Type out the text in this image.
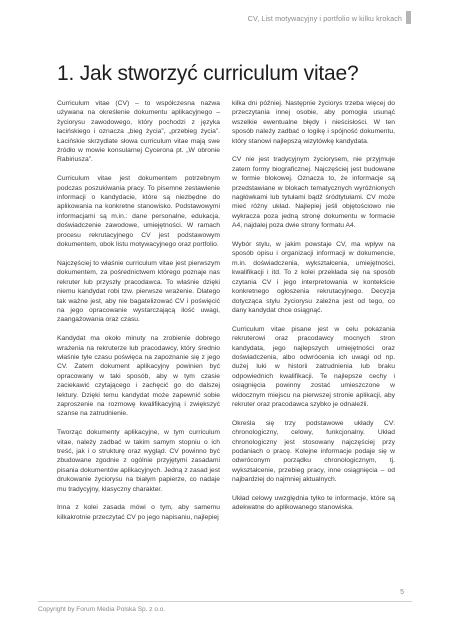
CV, List motywacyjny i portfolio w kilku krokach
1. Jak stworzyć curriculum vitae?

Curriculum vitae (CV) – to współczesna nazwa używana na określenie dokumentu aplikacyjnego – życiorysu zawodowego, który pochodzi z języka łacińskiego i oznacza „bieg życia”, „przebieg życia”. Łacińskie skrzydlate słowa curriculum vitae mają swe źródło w mowie konsularnej Cycerona pt. „W obronie Rabiriusza”.

Curriculum vitae jest dokumentem potrzebnym podczas poszukiwania pracy. To pisemne zestawienie informacji o kandydacie, które są niezbędne do aplikowania na konkretne stanowisko. Podstawowymi informacjami są m.in.: dane personalne, edukacja, doświadczenie zawodowe, umiejętności. W ramach procesu rekrutacyjnego CV jest podstawowym dokumentem, obok listu motywacyjnego oraz portfolio.

Najczęściej to właśnie curriculum vitae jest pierwszym dokumentem, za pośrednictwem którego poznaje nas rekruter lub przyszły pracodawca. To właśnie dzięki niemu kandydat robi tzw. pierwsze wrażenie. Dlatego tak ważne jest, aby nie bagatelizować CV i poświęcić na jego opracowanie wystarczającą ilość uwagi, zaangażowania oraz czasu.

Kandydat ma około minuty na zrobienie dobrego wrażenia na rekruterze lub pracodawcy, który średnio właśnie tyle czasu poświęca na zapoznanie się z jego CV. Zatem dokument aplikacyjny powinien być opracowany w taki sposób, aby w tym czasie zaciekawić czytającego i zachęcić go do dalszej lektury. Dzięki temu kandydat może zapewnić sobie zaproszenie na rozmowę kwalifikacyjną i zwiększyć szanse na zatrudnienie.

Tworząc dokumenty aplikacyjne, w tym curriculum vitae, należy zadbać w takim samym stopniu o ich treść, jak i o strukturę oraz wygląd. CV powinno być zbudowane zgodnie z ogólnie przyjętymi zasadami pisania dokumentów aplikacyjnych. Jedną z zasad jest drukowanie życiorysu na białym papierze, co nadaje mu tradycyjny, klasyczny charakter.

Inna z kolei zasada mówi o tym, aby samemu kilkakrotnie przeczytać CV po jego napisaniu, najlepiej

kilka dni później. Następnie życiorys trzeba więcej do przeczytania innej osobie, aby pomogła usunąć wszelkie ewentualne błędy i nieścisłości. W ten sposób należy zadbać o logikę i spójność dokumentu, który stanowi najlepszą wizytówkę kandydata.

CV nie jest tradycyjnym życiorysem, nie przyjmuje zatem formy biograficznej. Najczęściej jest budowane w formie blokowej. Oznacza to, że informacje są przedstawiane w blokach tematycznych wyróżnionych nagłówkami lub tytułami bądź śródtytułami. CV może mieć różny układ. Najlepiej jeśli objętościowo nie wykracza poza jedną stronę dokumentu w formacie A4, najdalej poza dwie strony formatu A4.

Wybór stylu, w jakim powstaje CV, ma wpływ na sposób opisu i organizacji informacji w dokumencie, m.in. doświadczenia, wykształcenia, umiejętności, kwalifikacji i itd. To z kolei przekłada się na sposób czytania CV i jego interpretowania w kontekście konkretnego ogłoszenia rekrutacyjnego. Decyzja dotycząca stylu życiorysu zależna jest od tego, co dany kandydat chce osiągnąć.

Curriculum vitae pisane jest w celu pokazania rekruterowi oraz pracodawcy mocnych stron kandydata, jego najlepszych umiejętności oraz doświadczenia, albo odwrócenia ich uwagi od np. dużej luki w historii zatrudnienia lub braku odpowiednich kwalifikacji. Te najlepsze cechy i osiągnięcia powinny zostać umieszczone w widocznym miejscu na pierwszej stronie aplikacji, aby rekruter oraz pracodawca szybko je odnaleźli.

Określa się trzy podstawowe układy CV: chronologiczny, celowy, funkcjonalny. Układ chronologiczny jest stosowany najczęściej przy podaniach o pracę. Kolejne informacje podaje się w odwróconym porządku chronologicznym, tj. wykształcenie, przebieg pracy, inne osiągnięcia – od najbardziej do najmniej aktualnych.

Układ celowy uwzględnia tylko te informacje, które są adekwatne do aplikowanego stanowiska.

5
Copyright by Forum Media Polska Sp. z o.o.
